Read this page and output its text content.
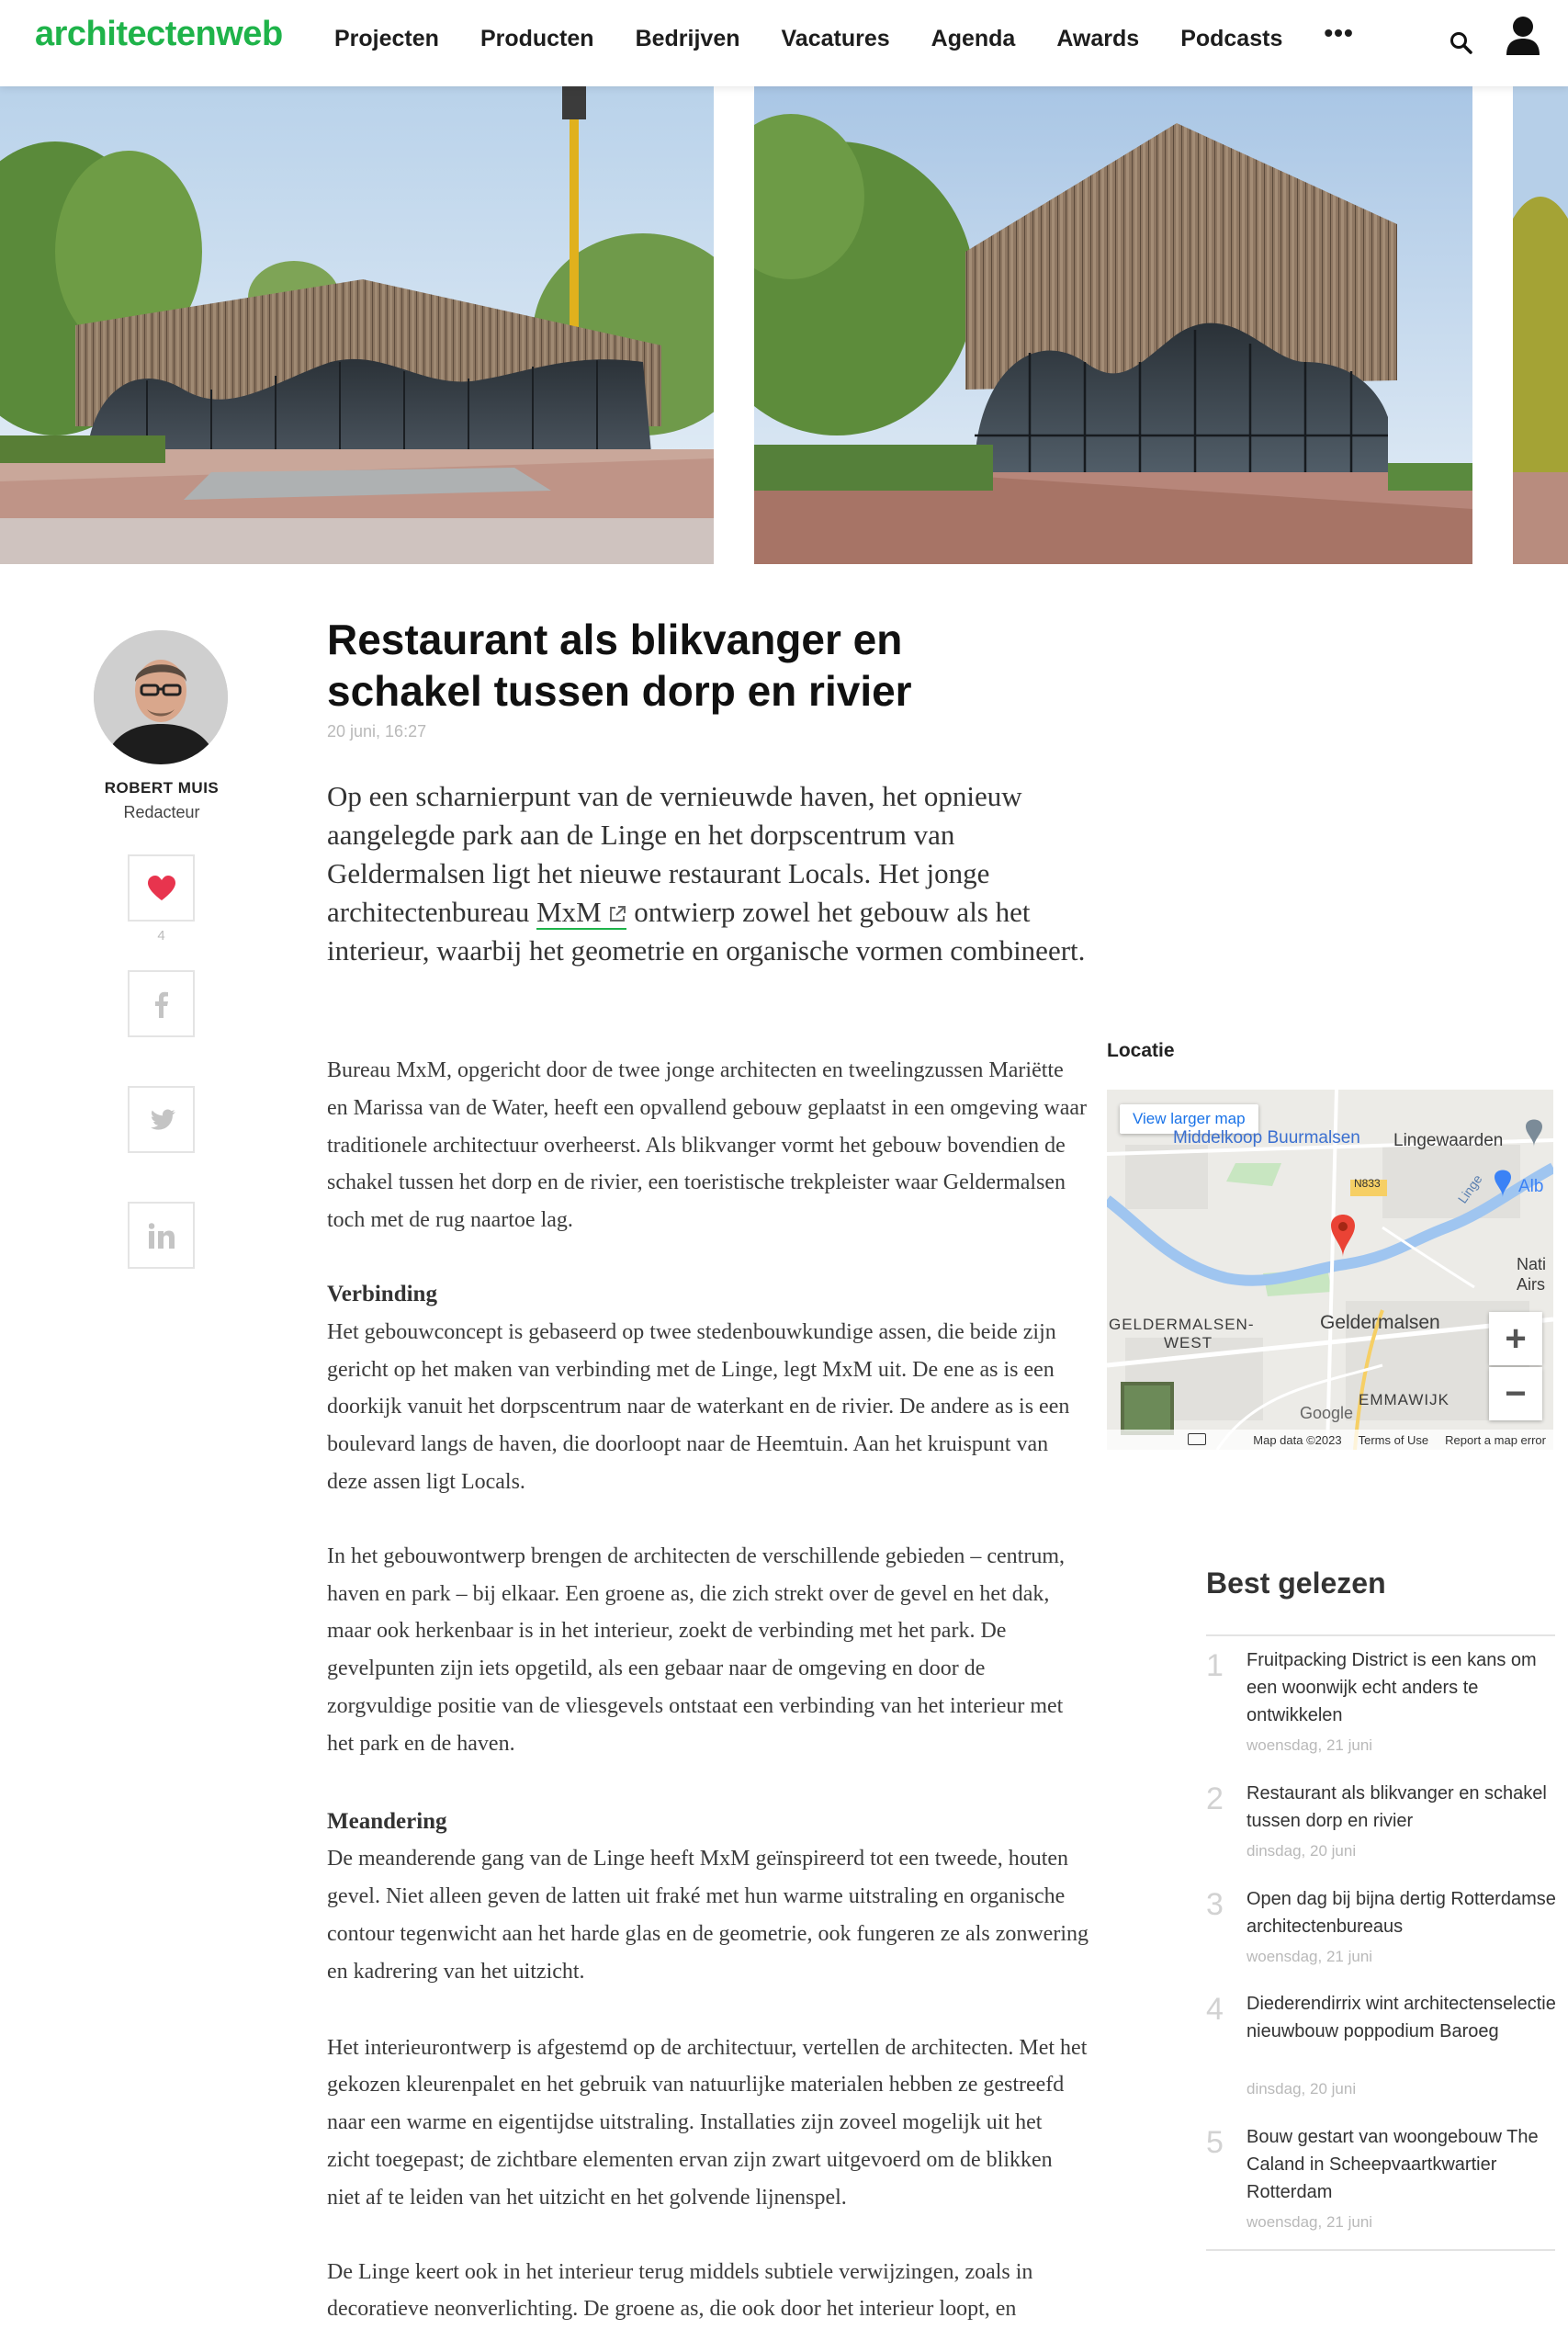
architectenweb Projecten Producten Bedrijven Vacatures Agenda Awards Podcasts •••
ROBERT MUIS
Redacteur
4
Restaurant als blikvanger en
schakel tussen dorp en rivier
20 juni, 16:27
Op een scharnierpunt van de vernieuwde haven, het opnieuw aangelegde park aan de Linge en het dorpscentrum van Geldermalsen ligt het nieuwe restaurant Locals. Het jonge architectenbureau MxM  ontwierp zowel het gebouw als het interieur, waarbij het geometrie en organische vormen combineert.

Bureau MxM, opgericht door de twee jonge architecten en tweelingzussen Mariëtte en Marissa van de Water, heeft een opvallend gebouw geplaatst in een omgeving waar traditionele architectuur overheerst. Als blikvanger vormt het gebouw bovendien de schakel tussen het dorp en de rivier, een toeristische trekpleister waar Geldermalsen toch met de rug naartoe lag.

Verbinding

Het gebouwconcept is gebaseerd op twee stedenbouwkundige assen, die beide zijn gericht op het maken van verbinding met de Linge, legt MxM uit. De ene as is een doorkijk vanuit het dorpscentrum naar de waterkant en de rivier. De andere as is een boulevard langs de haven, die doorloopt naar de Heemtuin. Aan het kruispunt van deze assen ligt Locals.

In het gebouwontwerp brengen de architecten de verschillende gebieden – centrum, haven en park – bij elkaar. Een groene as, die zich strekt over de gevel en het dak, maar ook herkenbaar is in het interieur, zoekt de verbinding met het park. De gevelpunten zijn iets opgetild, als een gebaar naar de omgeving en door de zorgvuldige positie van de vliesgevels ontstaat een verbinding van het interieur met het park en de haven.

Meandering

De meanderende gang van de Linge heeft MxM geïnspireerd tot een tweede, houten gevel. Niet alleen geven de latten uit fraké met hun warme uitstraling en organische contour tegenwicht aan het harde glas en de geometrie, ook fungeren ze als zonwering en kadrering van het uitzicht.

Het interieurontwerp is afgestemd op de architectuur, vertellen de architecten. Met het gekozen kleurenpalet en het gebruik van natuurlijke materialen hebben ze gestreefd naar een warme en eigentijdse uitstraling. Installaties zijn zoveel mogelijk uit het zicht toegepast; de zichtbare elementen ervan zijn zwart uitgevoerd om de blikken niet af te leiden van het uitzicht en het golvende lijnenspel.

De Linge keert ook in het interieur terug middels subtiele verwijzingen, zoals in decoratieve neonverlichting. De groene as, die ook door het interieur loopt, en

Locatie
View larger map
Middelkoop Buurmalsen Lingewaarden
N833	Linge Alb
Nati
Airs
GELDERMALSEN-
WEST
Geldermalsen
EMMAWIJK
Google
+
−
Map data ©2023 Terms of Use Report a map error
Best gelezen
1 Fruitpacking District is een kans om een woonwijk echt anders te ontwikkelen
woensdag, 21 juni
2 Restaurant als blikvanger en schakel tussen dorp en rivier
dinsdag, 20 juni
3 Open dag bij bijna dertig Rotterdamse architectenbureaus
woensdag, 21 juni
4 Diederendirrix wint architectenselectie nieuwbouw poppodium Baroeg
dinsdag, 20 juni
5 Bouw gestart van woongebouw The Caland in Scheepvaartkwartier Rotterdam
woensdag, 21 juni
